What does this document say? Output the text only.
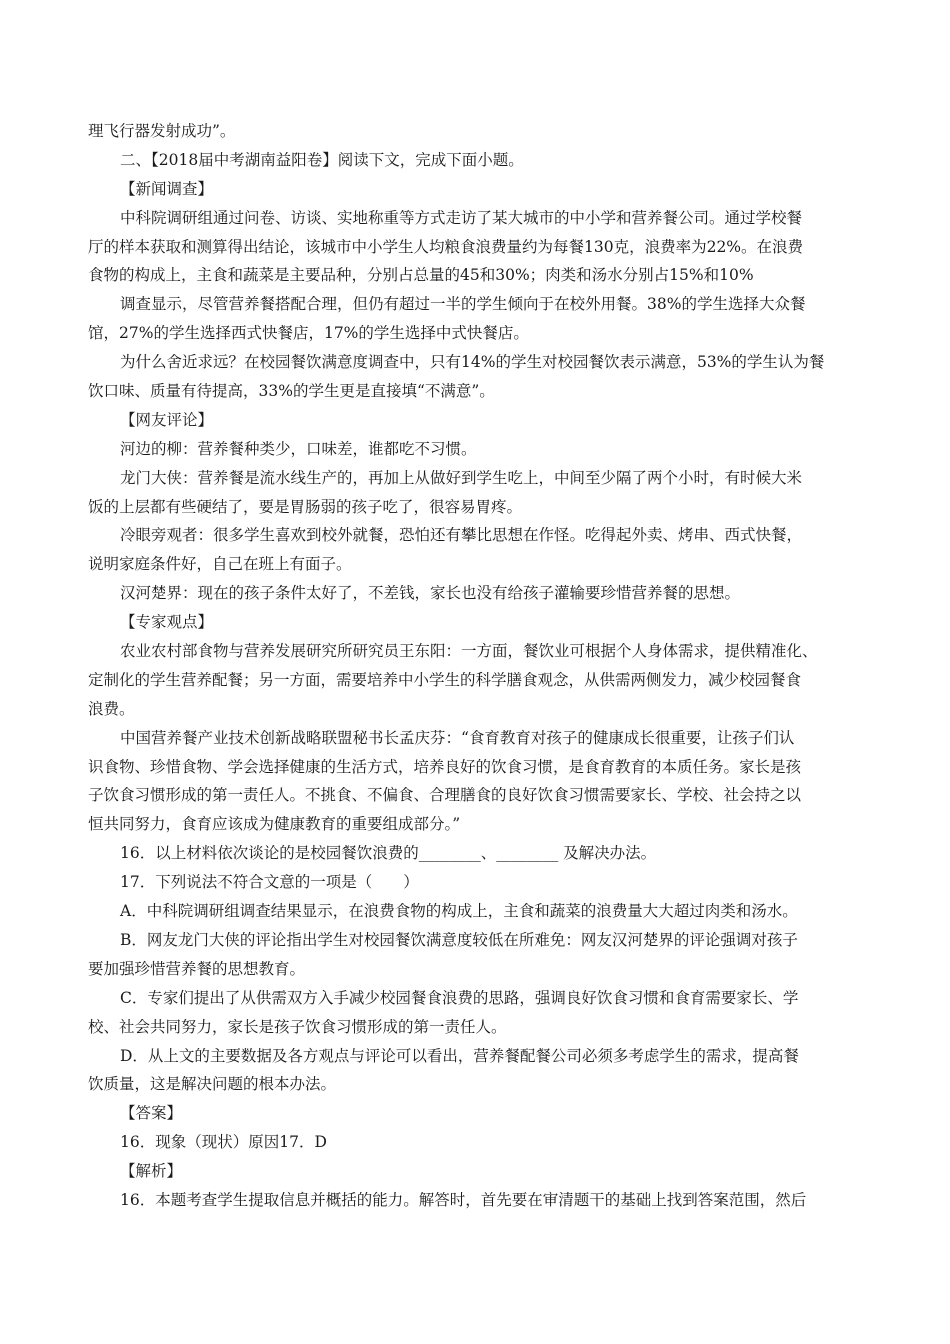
理飞行器发射成功”。
二、【2018届中考湖南益阳卷】阅读下文，完成下面小题。
【新闻调查】
中科院调研组通过问卷、访谈、实地称重等方式走访了某大城市的中小学和营养餐公司。通过学校餐
厅的样本获取和测算得出结论，该城市中小学生人均粮食浪费量约为每餐130克，浪费率为22%。在浪费
食物的构成上，主食和蔬菜是主要品种，分别占总量的45和30%；肉类和汤水分别占15%和10%
调查显示，尽管营养餐搭配合理，但仍有超过一半的学生倾向于在校外用餐。38%的学生选择大众餐
馆，27%的学生选择西式快餐店，17%的学生选择中式快餐店。
为什么舍近求远？在校园餐饮满意度调查中，只有14%的学生对校园餐饮表示满意，53%的学生认为餐
饮口味、质量有待提高，33%的学生更是直接填“不满意”。
【网友评论】
河边的柳：营养餐种类少，口味差，谁都吃不习惯。
龙门大侠：营养餐是流水线生产的，再加上从做好到学生吃上，中间至少隔了两个小时，有时候大米
饭的上层都有些硬结了，要是胃肠弱的孩子吃了，很容易胃疼。
冷眼旁观者：很多学生喜欢到校外就餐，恐怕还有攀比思想在作怪。吃得起外卖、烤串、西式快餐，
说明家庭条件好，自己在班上有面子。
汉河楚界：现在的孩子条件太好了，不差钱，家长也没有给孩子灌输要珍惜营养餐的思想。
【专家观点】
农业农村部食物与营养发展研究所研究员王东阳：一方面，餐饮业可根据个人身体需求，提供精准化、
定制化的学生营养配餐；另一方面，需要培养中小学生的科学膳食观念，从供需两侧发力，减少校园餐食
浪费。
中国营养餐产业技术创新战略联盟秘书长孟庆芬：“食育教育对孩子的健康成长很重要，让孩子们认
识食物、珍惜食物、学会选择健康的生活方式，培养良好的饮食习惯，是食育教育的本质任务。家长是孩
子饮食习惯形成的第一责任人。不挑食、不偏食、合理膳食的良好饮食习惯需要家长、学校、社会持之以
恒共同努力，食育应该成为健康教育的重要组成部分。”
16．以上材料依次谈论的是校园餐饮浪费的________、________ 及解决办法。
17．下列说法不符合文意的一项是（　　）
A．中科院调研组调查结果显示，在浪费食物的构成上，主食和蔬菜的浪费量大大超过肉类和汤水。
B．网友龙门大侠的评论指出学生对校园餐饮满意度较低在所难免：网友汉河楚界的评论强调对孩子
要加强珍惜营养餐的思想教育。
C．专家们提出了从供需双方入手减少校园餐食浪费的思路，强调良好饮食习惯和食育需要家长、学
校、社会共同努力，家长是孩子饮食习惯形成的第一责任人。
D．从上文的主要数据及各方观点与评论可以看出，营养餐配餐公司必须多考虑学生的需求，提高餐
饮质量，这是解决问题的根本办法。
【答案】
16．现象（现状）原因17．D
【解析】
16．本题考查学生提取信息并概括的能力。解答时，首先要在审清题干的基础上找到答案范围，然后
